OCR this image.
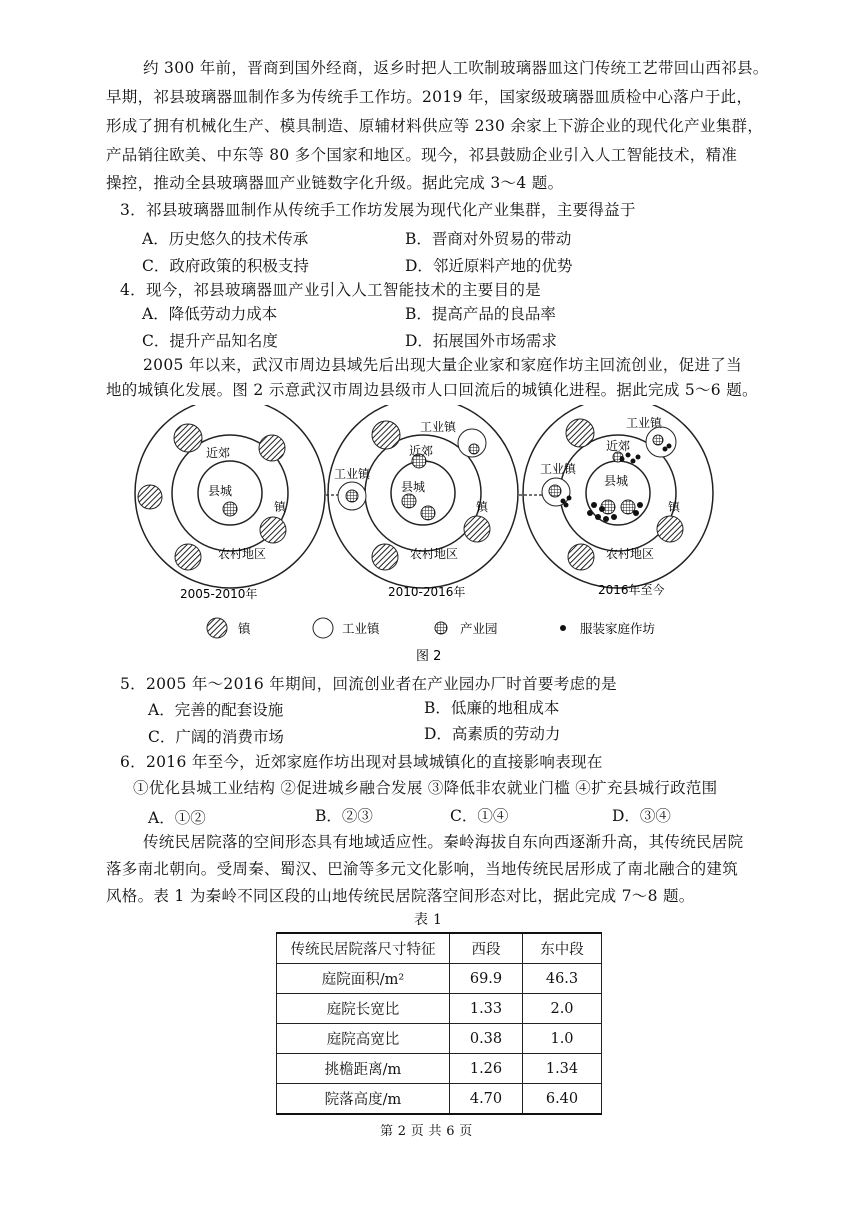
约 300 年前，晋商到国外经商，返乡时把人工吹制玻璃器皿这门传统工艺带回山西祁县。
早期，祁县玻璃器皿制作多为传统手工作坊。2019 年，国家级玻璃器皿质检中心落户于此，
形成了拥有机械化生产、模具制造、原辅材料供应等 230 余家上下游企业的现代化产业集群，
产品销往欧美、中东等 80 多个国家和地区。现今，祁县鼓励企业引入人工智能技术，精准
操控，推动全县玻璃器皿产业链数字化升级。据此完成 3～4 题。
3．祁县玻璃器皿制作从传统手工作坊发展为现代化产业集群，主要得益于
A．历史悠久的技术传承	B．晋商对外贸易的带动
C．政府政策的积极支持	D．邻近原料产地的优势
4．现今，祁县玻璃器皿产业引入人工智能技术的主要目的是
A．降低劳动力成本	B．提高产品的良品率
C．提升产品知名度	D．拓展国外市场需求
2005 年以来，武汉市周边县域先后出现大量企业家和家庭作坊主回流创业，促进了当
地的城镇化发展。图 2 示意武汉市周边县级市人口回流后的城镇化进程。据此完成 5～6 题。
近郊
县城
镇
农村地区
工业镇
工业镇
近郊
县城
镇
农村地区
工业镇
工业镇
近郊
县城
镇
农村地区
2005-2010年	2010-2016年	2016年至今
镇	工业镇	产业园	服装家庭作坊
图 2
5．2005 年～2016 年期间，回流创业者在产业园办厂时首要考虑的是
A．完善的配套设施	B．低廉的地租成本
C．广阔的消费市场	D．高素质的劳动力
6．2016 年至今，近郊家庭作坊出现对县域城镇化的直接影响表现在
①优化县城工业结构 ②促进城乡融合发展 ③降低非农就业门槛 ④扩充县城行政范围
A．①②	B．②③	C．①④	D．③④
传统民居院落的空间形态具有地域适应性。秦岭海拔自东向西逐渐升高，其传统民居院
落多南北朝向。受周秦、蜀汉、巴渝等多元文化影响，当地传统民居形成了南北融合的建筑
风格。表 1 为秦岭不同区段的山地传统民居院落空间形态对比，据此完成 7～8 题。
表 1
传统民居院落尺寸特征	西段	东中段
庭院面积/m²	69.9	46.3
庭院长宽比	1.33	2.0
庭院高宽比	0.38	1.0
挑檐距离/m	1.26	1.34
院落高度/m	4.70	6.40
第 2 页 共 6 页
